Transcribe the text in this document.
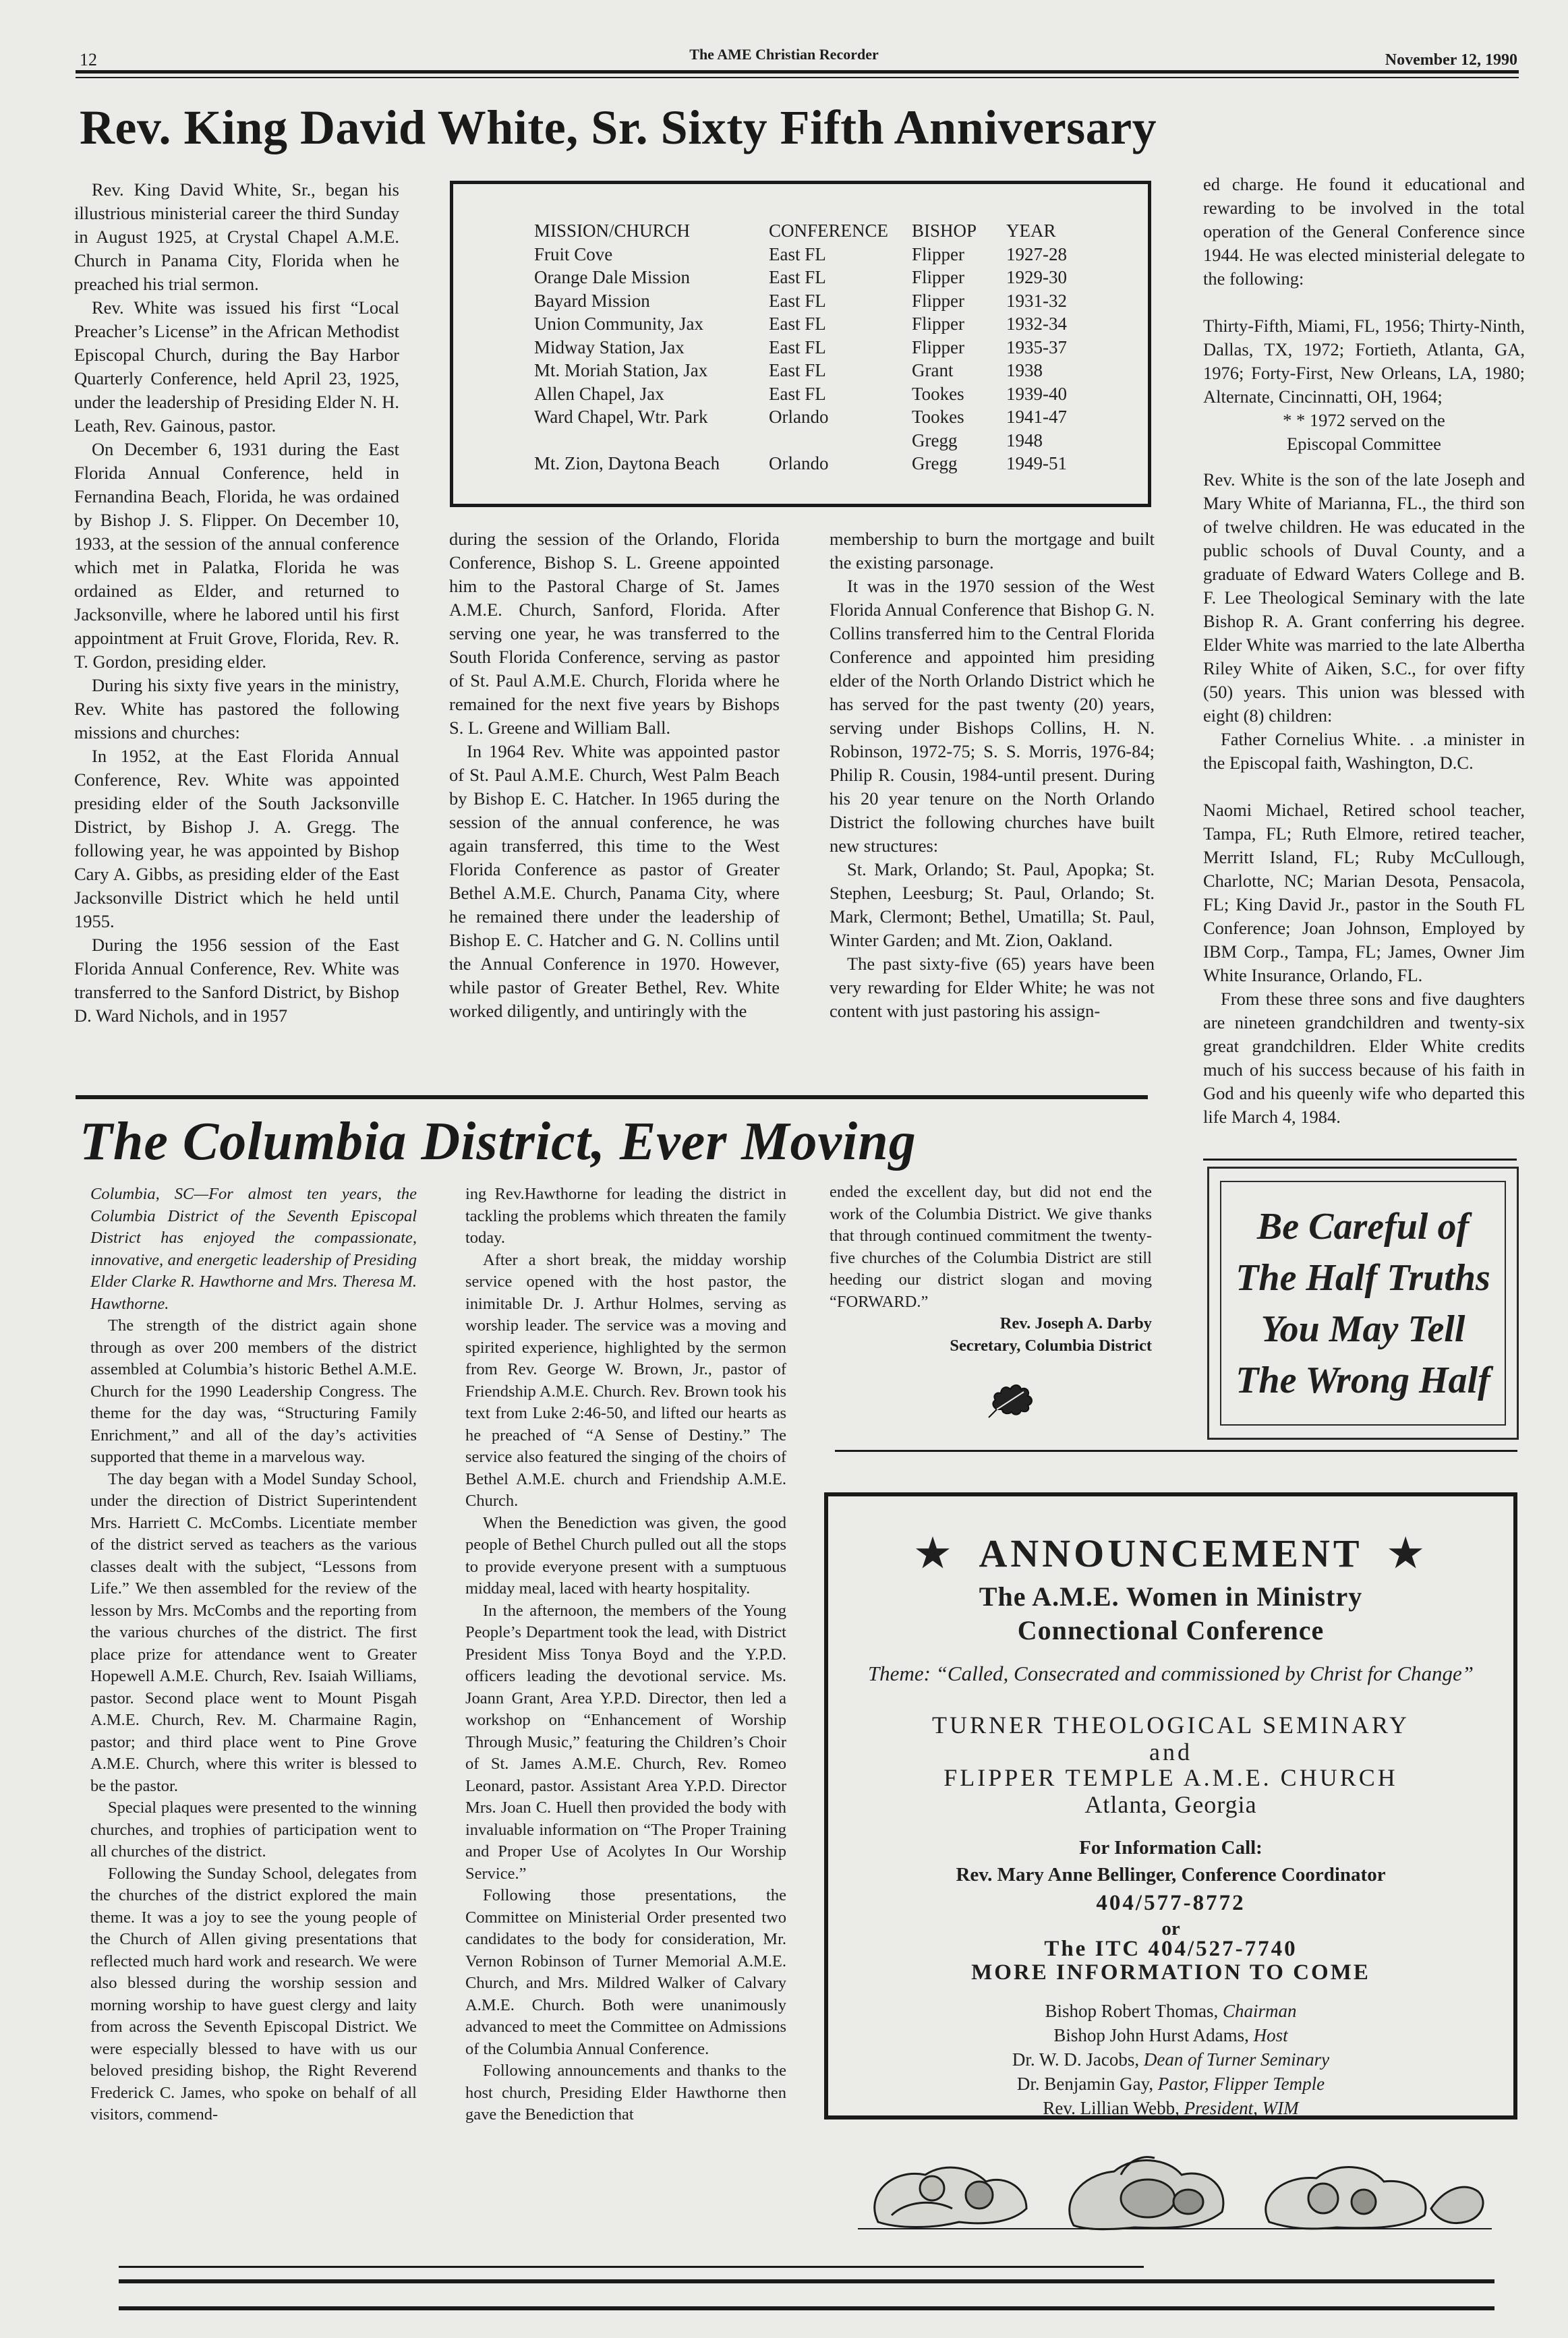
12	The AME Christian Recorder	November 12, 1990
Rev. King David White, Sr. Sixty Fifth Anniversary

Rev. King David White, Sr., began his illustrious ministerial career the third Sunday in August 1925, at Crystal Chapel A.M.E. Church in Panama City, Florida when he preached his trial sermon.

Rev. White was issued his first “Local Preacher’s License” in the African Methodist Episcopal Church, during the Bay Harbor Quarterly Conference, held April 23, 1925, under the leadership of Presiding Elder N. H. Leath, Rev. Gainous, pastor.

On December 6, 1931 during the East Florida Annual Conference, held in Fernandina Beach, Florida, he was ordained by Bishop J. S. Flipper. On December 10, 1933, at the session of the annual conference which met in Palatka, Florida he was ordained as Elder, and returned to Jacksonville, where he labored until his first appointment at Fruit Grove, Florida, Rev. R. T. Gordon, presiding elder.

During his sixty five years in the ministry, Rev. White has pastored the following missions and churches:

In 1952, at the East Florida Annual Conference, Rev. White was appointed presiding elder of the South Jacksonville District, by Bishop J. A. Gregg. The following year, he was appointed by Bishop Cary A. Gibbs, as presiding elder of the East Jacksonville District which he held until 1955.

During the 1956 session of the East Florida Annual Conference, Rev. White was transferred to the Sanford District, by Bishop D. Ward Nichols, and in 1957

MISSION/CHURCH	CONFERENCE	BISHOP	YEAR
Fruit Cove	East FL	Flipper	1927-28
Orange Dale Mission	East FL	Flipper	1929-30
Bayard Mission	East FL	Flipper	1931-32
Union Community, Jax	East FL	Flipper	1932-34
Midway Station, Jax	East FL	Flipper	1935-37
Mt. Moriah Station, Jax	East FL	Grant	1938
Allen Chapel, Jax	East FL	Tookes	1939-40
Ward Chapel, Wtr. Park	Orlando	Tookes	1941-47
		Gregg	1948
Mt. Zion, Daytona Beach	Orlando	Gregg	1949-51

during the session of the Orlando, Florida Conference, Bishop S. L. Greene appointed him to the Pastoral Charge of St. James A.M.E. Church, Sanford, Florida. After serving one year, he was transferred to the South Florida Conference, serving as pastor of St. Paul A.M.E. Church, Florida where he remained for the next five years by Bishops S. L. Greene and William Ball.

In 1964 Rev. White was appointed pastor of St. Paul A.M.E. Church, West Palm Beach by Bishop E. C. Hatcher. In 1965 during the session of the annual conference, he was again transferred, this time to the West Florida Conference as pastor of Greater Bethel A.M.E. Church, Panama City, where he remained there under the leadership of Bishop E. C. Hatcher and G. N. Collins until the Annual Conference in 1970. However, while pastor of Greater Bethel, Rev. White worked diligently, and untiringly with the

membership to burn the mortgage and built the existing parsonage.

It was in the 1970 session of the West Florida Annual Conference that Bishop G. N. Collins transferred him to the Central Florida Conference and appointed him presiding elder of the North Orlando District which he has served for the past twenty (20) years, serving under Bishops Collins, H. N. Robinson, 1972-75; S. S. Morris, 1976-84; Philip R. Cousin, 1984-until present. During his 20 year tenure on the North Orlando District the following churches have built new structures:

St. Mark, Orlando; St. Paul, Apopka; St. Stephen, Leesburg; St. Paul, Orlando; St. Mark, Clermont; Bethel, Umatilla; St. Paul, Winter Garden; and Mt. Zion, Oakland.

The past sixty-five (65) years have been very rewarding for Elder White; he was not content with just pastoring his assign-

ed charge. He found it educational and rewarding to be involved in the total operation of the General Conference since 1944. He was elected ministerial delegate to the following:

Thirty-Fifth, Miami, FL, 1956; Thirty-Ninth, Dallas, TX, 1972; Fortieth, Atlanta, GA, 1976; Forty-First, New Orleans, LA, 1980; Alternate, Cincinnatti, OH, 1964;

* * 1972 served on the

Episcopal Committee

Rev. White is the son of the late Joseph and Mary White of Marianna, FL., the third son of twelve children. He was educated in the public schools of Duval County, and a graduate of Edward Waters College and B. F. Lee Theological Seminary with the late Bishop R. A. Grant conferring his degree. Elder White was married to the late Albertha Riley White of Aiken, S.C., for over fifty (50) years. This union was blessed with eight (8) children:

Father Cornelius White. . .a minister in the Episcopal faith, Washington, D.C.

Naomi Michael, Retired school teacher, Tampa, FL; Ruth Elmore, retired teacher, Merritt Island, FL; Ruby McCullough, Charlotte, NC; Marian Desota, Pensacola, FL; King David Jr., pastor in the South FL Conference; Joan Johnson, Employed by IBM Corp., Tampa, FL; James, Owner Jim White Insurance, Orlando, FL.

From these three sons and five daughters are nineteen grandchildren and twenty-six great grandchildren. Elder White credits much of his success because of his faith in God and his queenly wife who departed this life March 4, 1984.

The Columbia District, Ever Moving

Columbia, SC—For almost ten years, the Columbia District of the Seventh Episcopal District has enjoyed the compassionate, innovative, and energetic leadership of Presiding Elder Clarke R. Hawthorne and Mrs. Theresa M. Hawthorne.

The strength of the district again shone through as over 200 members of the district assembled at Columbia’s historic Bethel A.M.E. Church for the 1990 Leadership Congress. The theme for the day was, “Structuring Family Enrichment,” and all of the day’s activities supported that theme in a marvelous way.

The day began with a Model Sunday School, under the direction of District Superintendent Mrs. Harriett C. McCombs. Licentiate member of the district served as teachers as the various classes dealt with the subject, “Lessons from Life.” We then assembled for the review of the lesson by Mrs. McCombs and the reporting from the various churches of the district. The first place prize for attendance went to Greater Hopewell A.M.E. Church, Rev. Isaiah Williams, pastor. Second place went to Mount Pisgah A.M.E. Church, Rev. M. Charmaine Ragin, pastor; and third place went to Pine Grove A.M.E. Church, where this writer is blessed to be the pastor.

Special plaques were presented to the winning churches, and trophies of participation went to all churches of the district.

Following the Sunday School, delegates from the churches of the district explored the main theme. It was a joy to see the young people of the Church of Allen giving presentations that reflected much hard work and research. We were also blessed during the worship session and morning worship to have guest clergy and laity from across the Seventh Episcopal District. We were especially blessed to have with us our beloved presiding bishop, the Right Reverend Frederick C. James, who spoke on behalf of all visitors, commend-

ing Rev.Hawthorne for leading the district in tackling the problems which threaten the family today.

After a short break, the midday worship service opened with the host pastor, the inimitable Dr. J. Arthur Holmes, serving as worship leader. The service was a moving and spirited experience, highlighted by the sermon from Rev. George W. Brown, Jr., pastor of Friendship A.M.E. Church. Rev. Brown took his text from Luke 2:46-50, and lifted our hearts as he preached of “A Sense of Destiny.” The service also featured the singing of the choirs of Bethel A.M.E. church and Friendship A.M.E. Church.

When the Benediction was given, the good people of Bethel Church pulled out all the stops to provide everyone present with a sumptuous midday meal, laced with hearty hospitality.

In the afternoon, the members of the Young People’s Department took the lead, with District President Miss Tonya Boyd and the Y.P.D. officers leading the devotional service. Ms. Joann Grant, Area Y.P.D. Director, then led a workshop on “Enhancement of Worship Through Music,” featuring the Children’s Choir of St. James A.M.E. Church, Rev. Romeo Leonard, pastor. Assistant Area Y.P.D. Director Mrs. Joan C. Huell then provided the body with invaluable information on “The Proper Training and Proper Use of Acolytes In Our Worship Service.”

Following those presentations, the Committee on Ministerial Order presented two candidates to the body for consideration, Mr. Vernon Robinson of Turner Memorial A.M.E. Church, and Mrs. Mildred Walker of Calvary A.M.E. Church. Both were unanimously advanced to meet the Committee on Admissions of the Columbia Annual Conference.

Following announcements and thanks to the host church, Presiding Elder Hawthorne then gave the Benediction that

ended the excellent day, but did not end the work of the Columbia District. We give thanks that through continued commitment the twenty-five churches of the Columbia District are still heeding our district slogan and moving “FORWARD.”

Rev. Joseph A. Darby

Secretary, Columbia District

Be Careful of
The Half Truths
You May Tell
The Wrong Half
★ ANNOUNCEMENT ★
The A.M.E. Women in Ministry
Connectional Conference
Theme: “Called, Consecrated and commissioned by Christ for Change”
TURNER THEOLOGICAL SEMINARY
and
FLIPPER TEMPLE A.M.E. CHURCH
Atlanta, Georgia
For Information Call:
Rev. Mary Anne Bellinger, Conference Coordinator
404/577-8772
or
The ITC 404/527-7740
MORE INFORMATION TO COME
Bishop Robert Thomas, Chairman
Bishop John Hurst Adams, Host
Dr. W. D. Jacobs, Dean of Turner Seminary
Dr. Benjamin Gay, Pastor, Flipper Temple
Rev. Lillian Webb, President, WIM
